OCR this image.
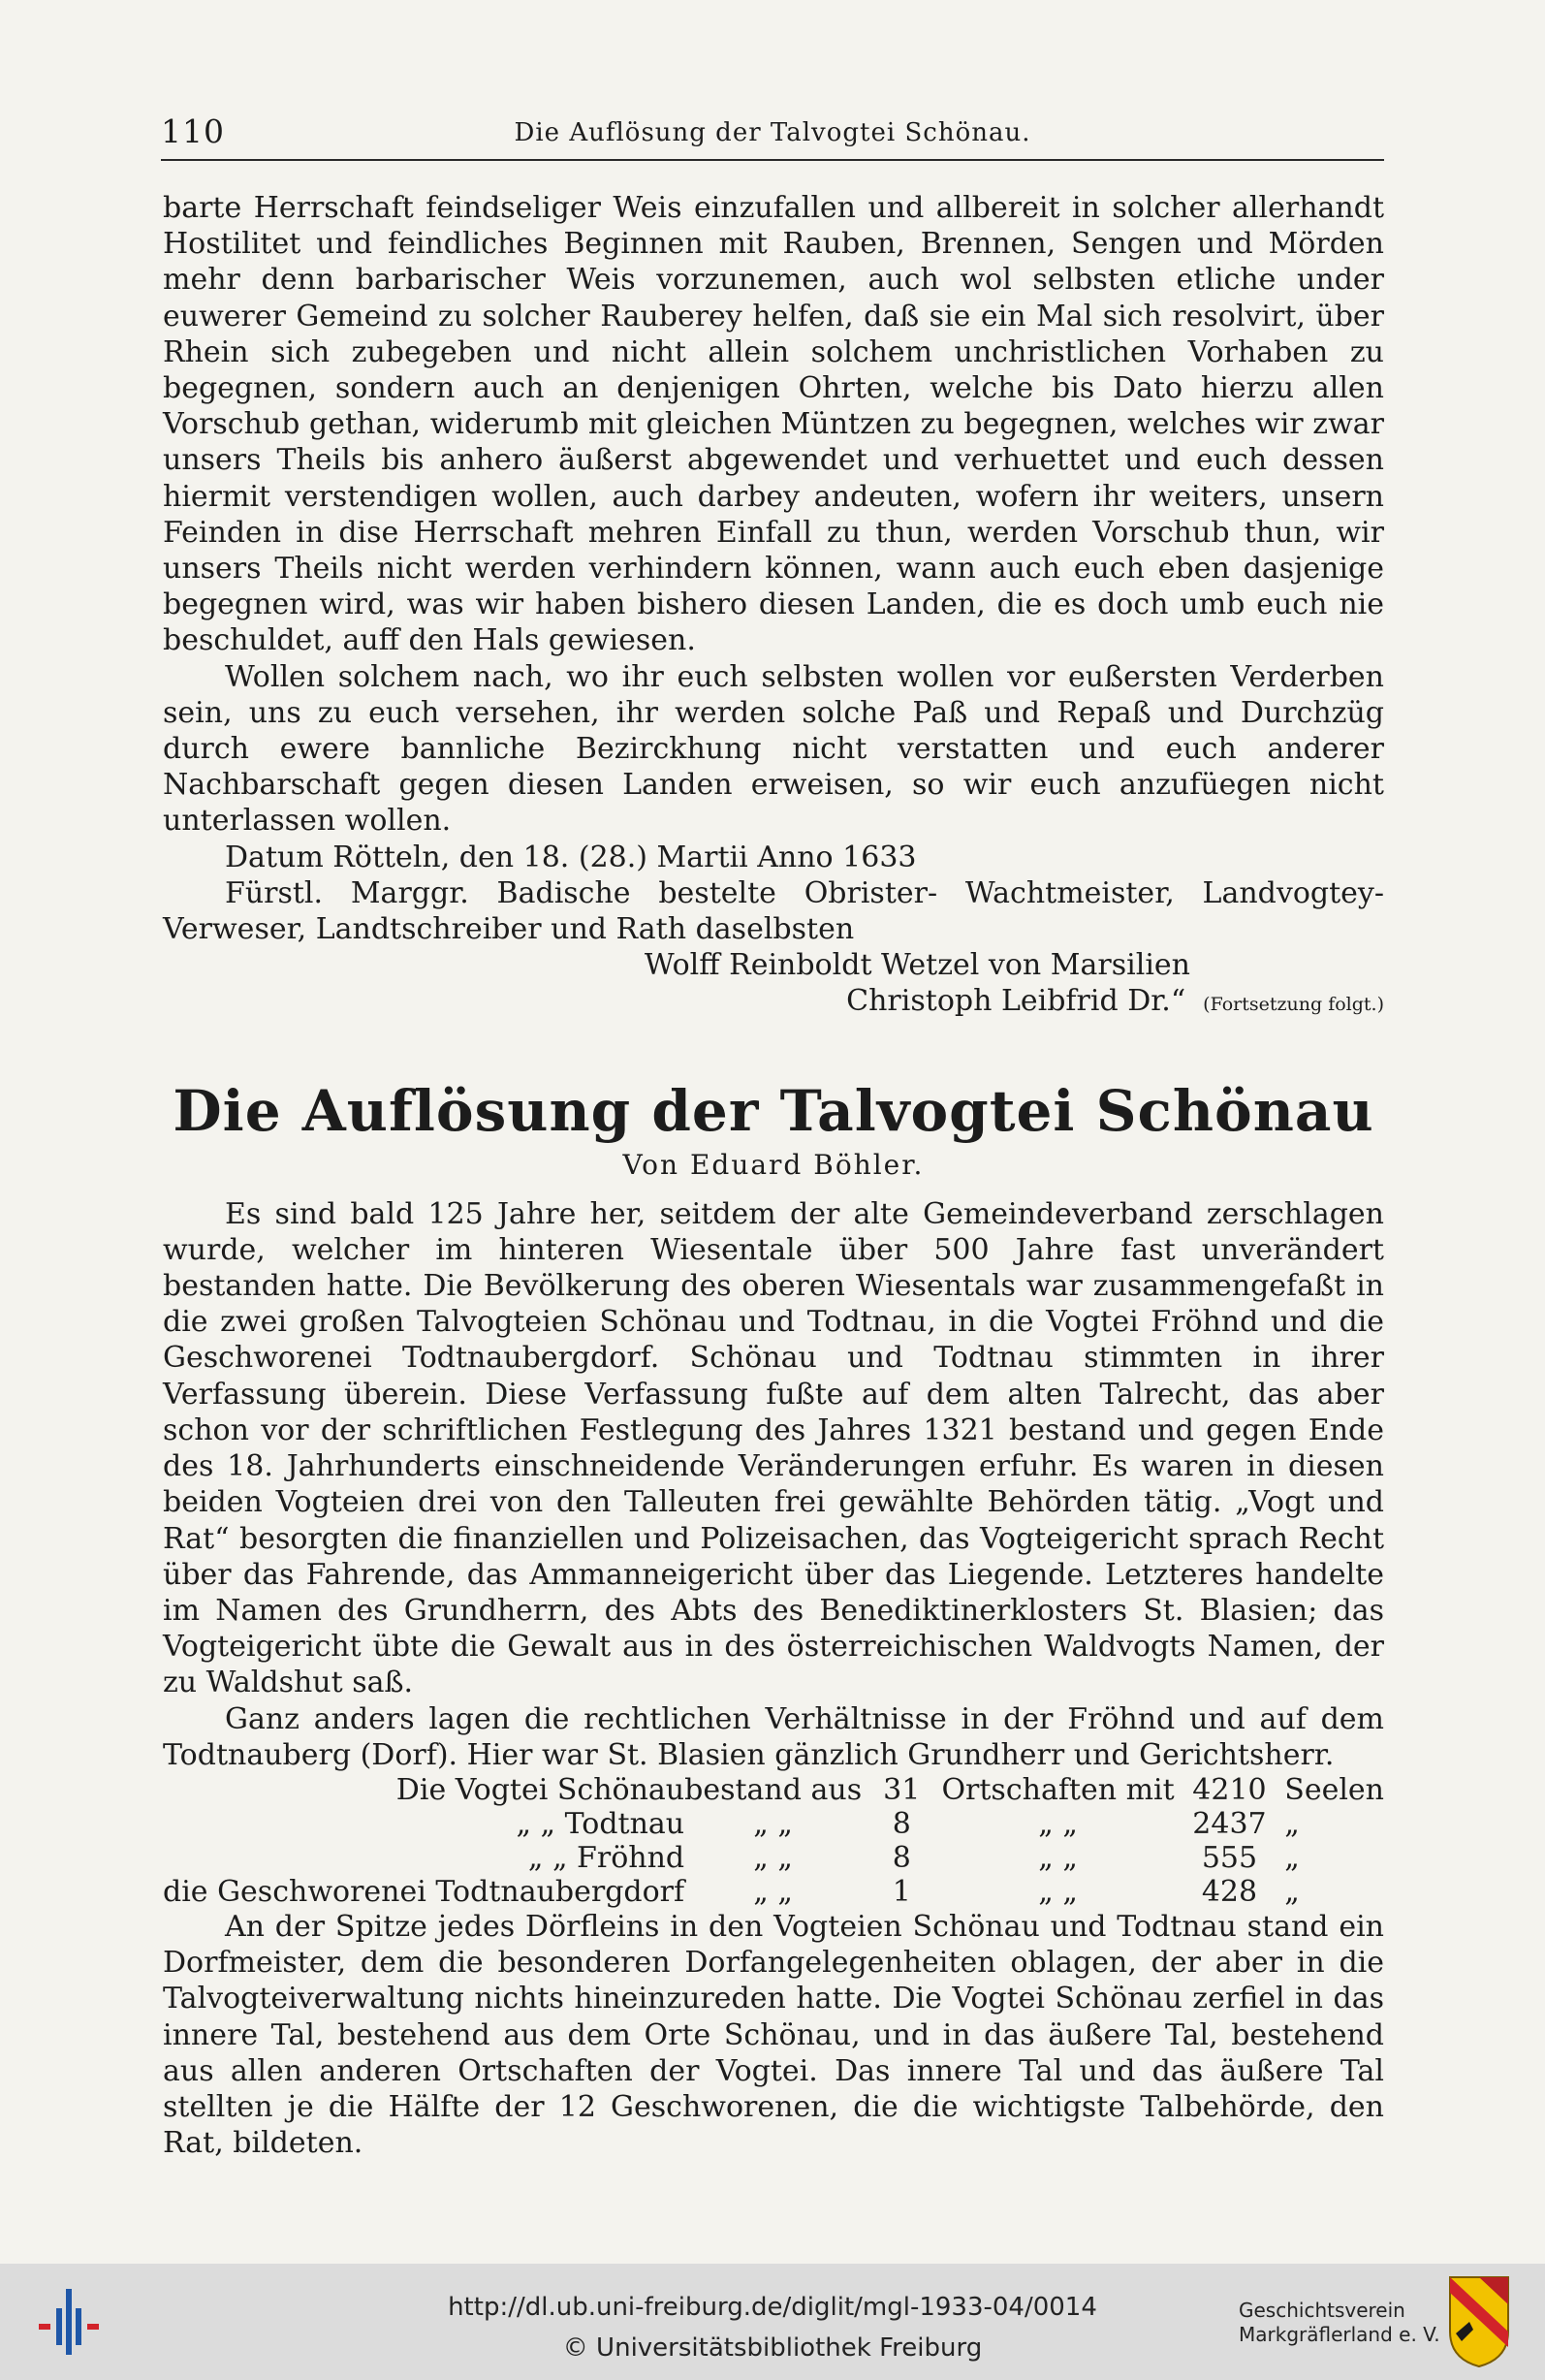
110	Die Auflösung der Talvogtei Schönau.

barte Herrschaft feindseliger Weis einzufallen und allbereit in solcher allerhandt Hostilitet und feindliches Beginnen mit Rauben, Brennen, Sengen und Mörden mehr denn barbarischer Weis vorzunemen, auch wol selbsten etliche under euwerer Gemeind zu solcher Rauberey helfen, daß sie ein Mal sich resolvirt, über Rhein sich zubegeben und nicht allein solchem unchristlichen Vorhaben zu begegnen, sondern auch an denjenigen Ohrten, welche bis Dato hierzu allen Vorschub gethan, widerumb mit gleichen Müntzen zu begegnen, welches wir zwar unsers Theils bis anhero äußerst abgewendet und verhuettet und euch dessen hiermit verstendigen wollen, auch darbey andeuten, wofern ihr weiters, unsern Feinden in dise Herrschaft mehren Einfall zu thun, werden Vorschub thun, wir unsers Theils nicht werden verhindern können, wann auch euch eben dasjenige begegnen wird, was wir haben bishero diesen Landen, die es doch umb euch nie beschuldet, auff den Hals gewiesen.

Wollen solchem nach, wo ihr euch selbsten wollen vor eußersten Verderben sein, uns zu euch versehen, ihr werden solche Paß und Repaß und Durchzüg durch ewere bannliche Bezirckhung nicht verstatten und euch anderer Nachbarschaft gegen diesen Landen erweisen, so wir euch anzufüegen nicht unterlassen wollen.

Datum Rötteln, den 18. (28.) Martii Anno 1633

Fürstl. Marggr. Badische bestelte Obrister- Wachtmeister, Landvogtey-Verweser, Landtschreiber und Rath daselbsten

Wolff Reinboldt Wetzel von Marsilien
Christoph Leibfrid Dr.“ (Fortsetzung folgt.)
Die Auflösung der Talvogtei Schönau
Von Eduard Böhler.

Es sind bald 125 Jahre her, seitdem der alte Gemeindeverband zerschlagen wurde, welcher im hinteren Wiesentale über 500 Jahre fast unverändert bestanden hatte. Die Bevölkerung des oberen Wiesentals war zusammengefaßt in die zwei großen Talvogteien Schönau und Todtnau, in die Vogtei Fröhnd und die Geschworenei Todtnaubergdorf. Schönau und Todtnau stimmten in ihrer Verfassung überein. Diese Verfassung fußte auf dem alten Talrecht, das aber schon vor der schriftlichen Festlegung des Jahres 1321 bestand und gegen Ende des 18. Jahrhunderts einschneidende Veränderungen erfuhr. Es waren in diesen beiden Vogteien drei von den Talleuten frei gewählte Behörden tätig. „Vogt und Rat“ besorgten die finanziellen und Polizeisachen, das Vogteigericht sprach Recht über das Fahrende, das Ammanneigericht über das Liegende. Letzteres handelte im Namen des Grundherrn, des Abts des Benediktinerklosters St. Blasien; das Vogteigericht übte die Gewalt aus in des österreichischen Waldvogts Namen, der zu Waldshut saß.

Ganz anders lagen die rechtlichen Verhältnisse in der Fröhnd und auf dem Todtnauberg (Dorf). Hier war St. Blasien gänzlich Grundherr und Gerichtsherr.

Die Vogtei Schönau	bestand aus	31	Ortschaften mit	4210	Seelen
„ „ Todtnau	„ „	8	„ „	2437	„
„ „ Fröhnd	„ „	8	„ „	555	„
die Geschworenei Todtnaubergdorf	„ „	1	„ „	428	„

An der Spitze jedes Dörfleins in den Vogteien Schönau und Todtnau stand ein Dorfmeister, dem die besonderen Dorfangelegenheiten oblagen, der aber in die Talvogteiverwaltung nichts hineinzureden hatte. Die Vogtei Schönau zerfiel in das innere Tal, bestehend aus dem Orte Schönau, und in das äußere Tal, bestehend aus allen anderen Ortschaften der Vogtei. Das innere Tal und das äußere Tal stellten je die Hälfte der 12 Geschworenen, die die wichtigste Talbehörde, den Rat, bildeten.

http://dl.ub.uni-freiburg.de/diglit/mgl-1933-04/0014
© Universitätsbibliothek Freiburg
Geschichtsverein
Markgräflerland e. V.
